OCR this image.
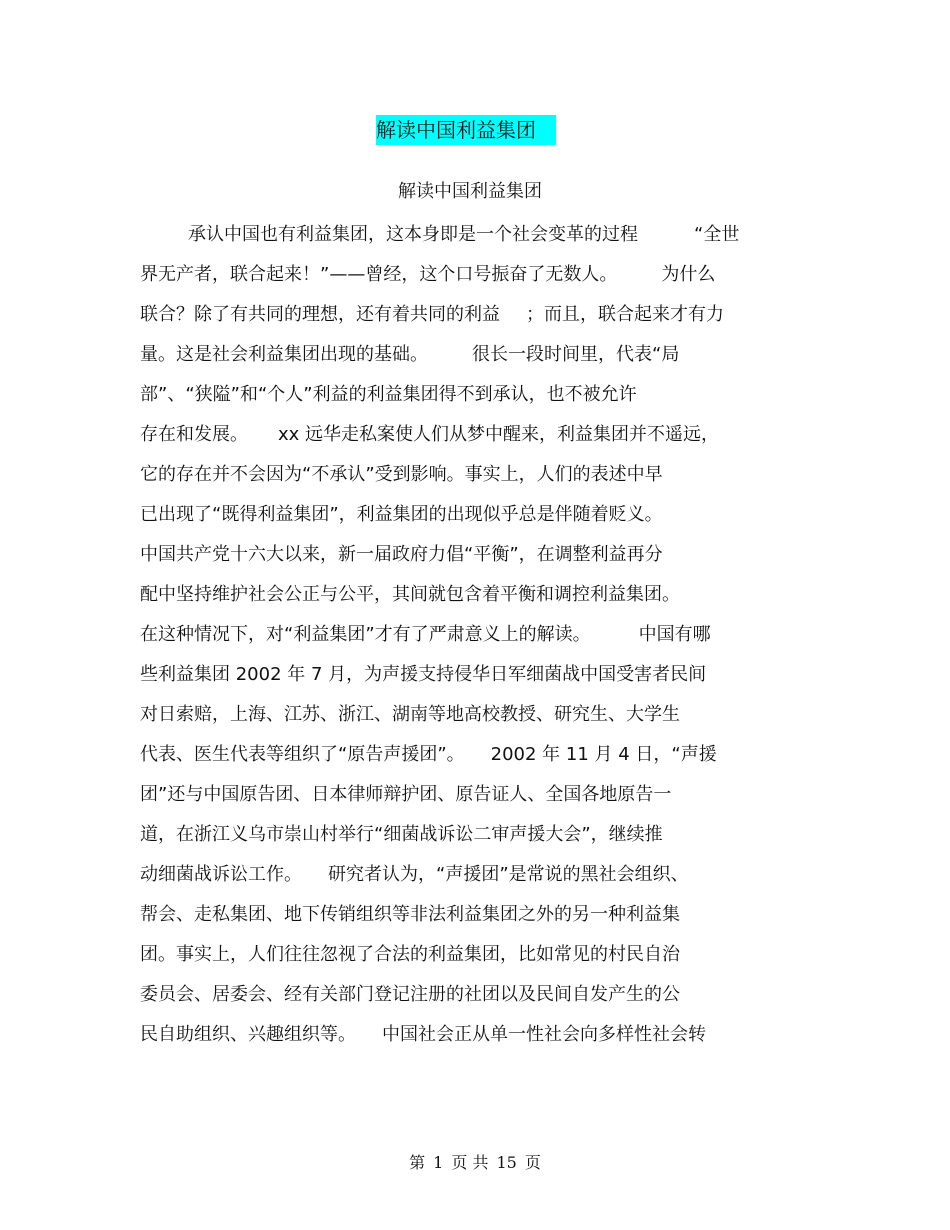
解读中国利益集团
解读中国利益集团
承认中国也有利益集团，这本身即是一个社会变革的过程	“全世
界无产者，联合起来！”——曾经，这个口号振奋了无数人。 为什么
联合？除了有共同的理想，还有着共同的利益 ；而且，联合起来才有力
量。这是社会利益集团出现的基础。 很长一段时间里，代表“局
部”、“狭隘”和“个人”利益的利益集团得不到承认，也不被允许
存在和发展。 xx 远华走私案使人们从梦中醒来，利益集团并不遥远，
它的存在并不会因为“不承认”受到影响。事实上，人们的表述中早
已出现了“既得利益集团”，利益集团的出现似乎总是伴随着贬义。
中国共产党十六大以来，新一届政府力倡“平衡”，在调整利益再分
配中坚持维护社会公正与公平，其间就包含着平衡和调控利益集团。
在这种情况下，对“利益集团”才有了严肃意义上的解读。	中国有哪
些利益集团 2002 年 7 月，为声援支持侵华日军细菌战中国受害者民间
对日索赔，上海、江苏、浙江、湖南等地高校教授、研究生、大学生
代表、医生代表等组织了“原告声援团”。 2002 年 11 月 4 日，“声援
团”还与中国原告团、日本律师辩护团、原告证人、全国各地原告一
道，在浙江义乌市崇山村举行“细菌战诉讼二审声援大会”，继续推
动细菌战诉讼工作。 研究者认为，“声援团”是常说的黑社会组织、
帮会、走私集团、地下传销组织等非法利益集团之外的另一种利益集
团。事实上，人们往往忽视了合法的利益集团，比如常见的村民自治
委员会、居委会、经有关部门登记注册的社团以及民间自发产生的公
民自助组织、兴趣组织等。 中国社会正从单一性社会向多样性社会转
第 1 页 共 15 页
